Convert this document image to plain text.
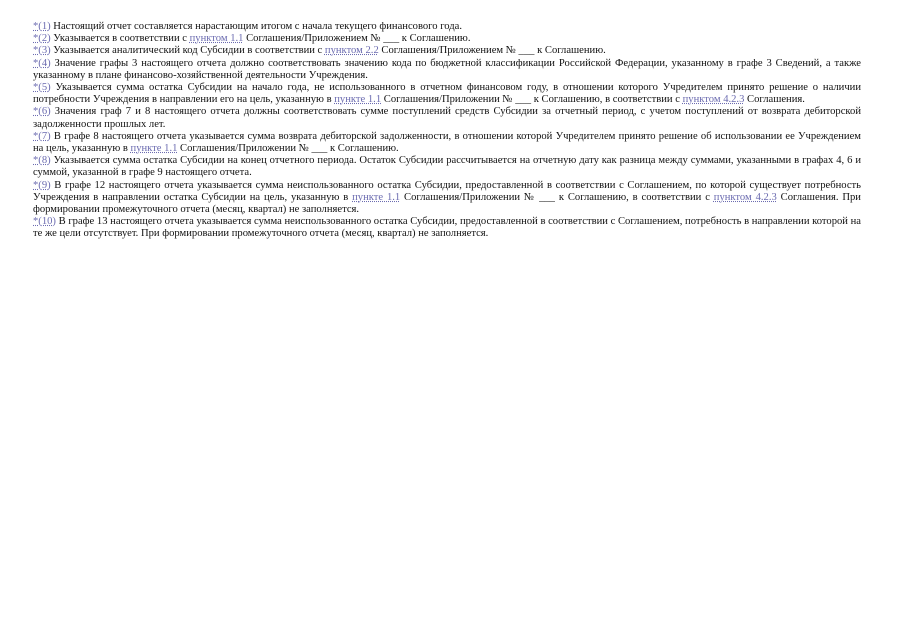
*(1) Настоящий отчет составляется нарастающим итогом с начала текущего финансового года.

*(2) Указывается в соответствии с пунктом 1.1 Соглашения/Приложением № ___ к Соглашению.

*(3) Указывается аналитический код Субсидии в соответствии с пунктом 2.2 Соглашения/Приложением № ___ к Соглашению.

*(4) Значение графы 3 настоящего отчета должно соответствовать значению кода по бюджетной классификации Российской Федерации, указанному в графе 3 Сведений, а также указанному в плане финансово-хозяйственной деятельности Учреждения.

*(5) Указывается сумма остатка Субсидии на начало года, не использованного в отчетном финансовом году, в отношении которого Учредителем принято решение о наличии потребности Учреждения в направлении его на цель, указанную в пункте 1.1 Соглашения/Приложении № ___ к Соглашению, в соответствии с пунктом 4.2.3 Соглашения.

*(6) Значения граф 7 и 8 настоящего отчета должны соответствовать сумме поступлений средств Субсидии за отчетный период, с учетом поступлений от возврата дебиторской задолженности прошлых лет.

*(7) В графе 8 настоящего отчета указывается сумма возврата дебиторской задолженности, в отношении которой Учредителем принято решение об использовании ее Учреждением на цель, указанную в пункте 1.1 Соглашения/Приложении № ___ к Соглашению.

*(8) Указывается сумма остатка Субсидии на конец отчетного периода. Остаток Субсидии рассчитывается на отчетную дату как разница между суммами, указанными в графах 4, 6 и суммой, указанной в графе 9 настоящего отчета.

*(9) В графе 12 настоящего отчета указывается сумма неиспользованного остатка Субсидии, предоставленной в соответствии с Соглашением, по которой существует потребность Учреждения в направлении остатка Субсидии на цель, указанную в пункте 1.1 Соглашения/Приложении № ___ к Соглашению, в соответствии с пунктом 4.2.3 Соглашения. При формировании промежуточного отчета (месяц, квартал) не заполняется.

*(10) В графе 13 настоящего отчета указывается сумма неиспользованного остатка Субсидии, предоставленной в соответствии с Соглашением, потребность в направлении которой на те же цели отсутствует. При формировании промежуточного отчета (месяц, квартал) не заполняется.
